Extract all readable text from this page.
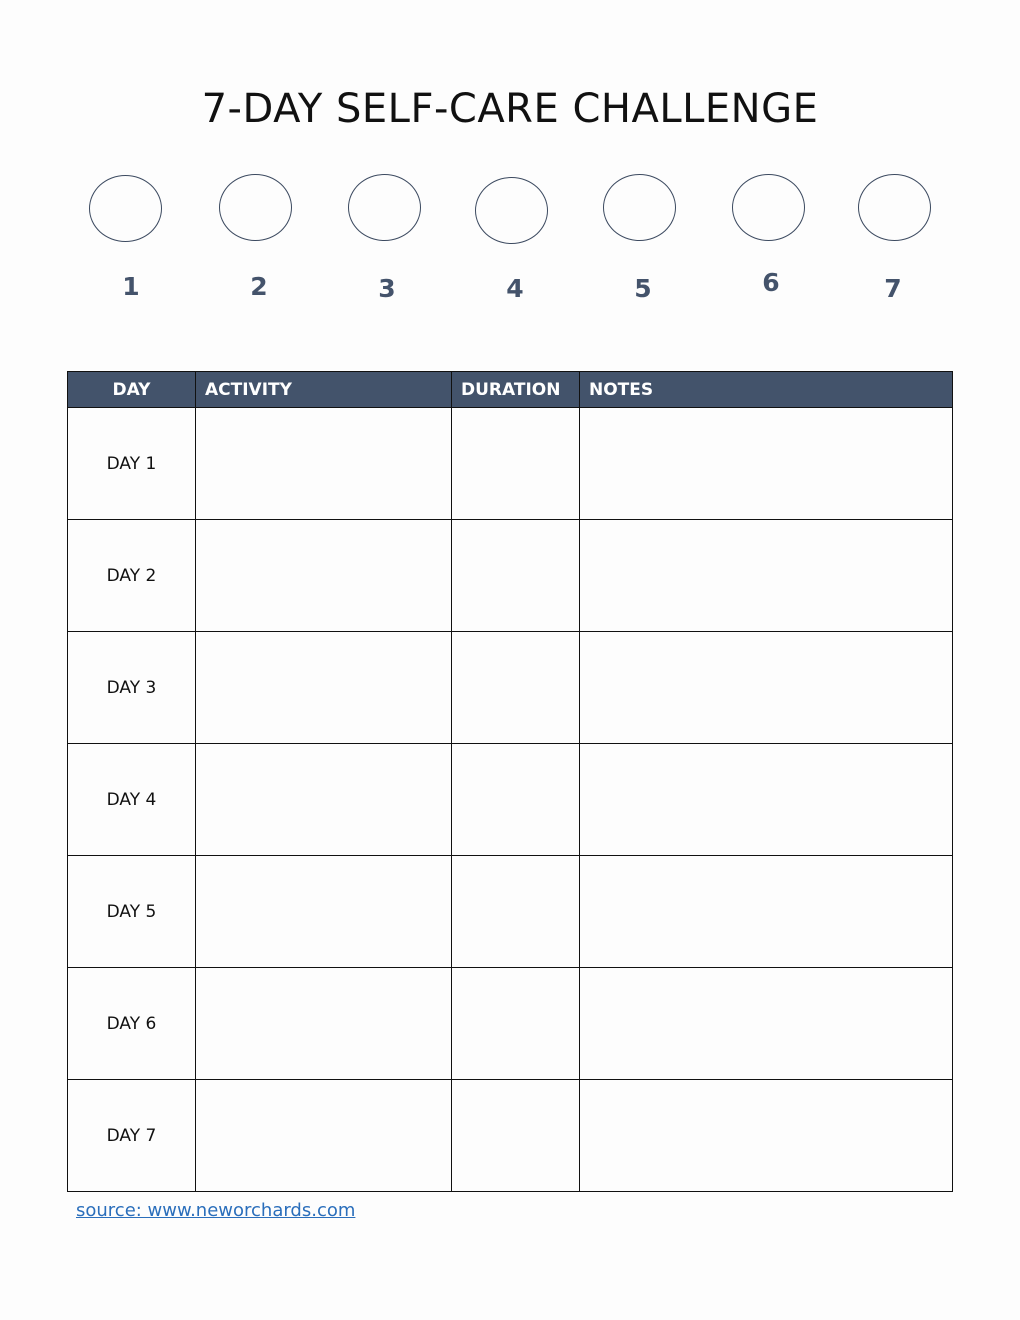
7-DAY SELF-CARE CHALLENGE
1	2	3	4	5	6	7
DAY	ACTIVITY	DURATION	NOTES
DAY 1			
DAY 2			
DAY 3			
DAY 4			
DAY 5			
DAY 6			
DAY 7			
source: www.neworchards.com
